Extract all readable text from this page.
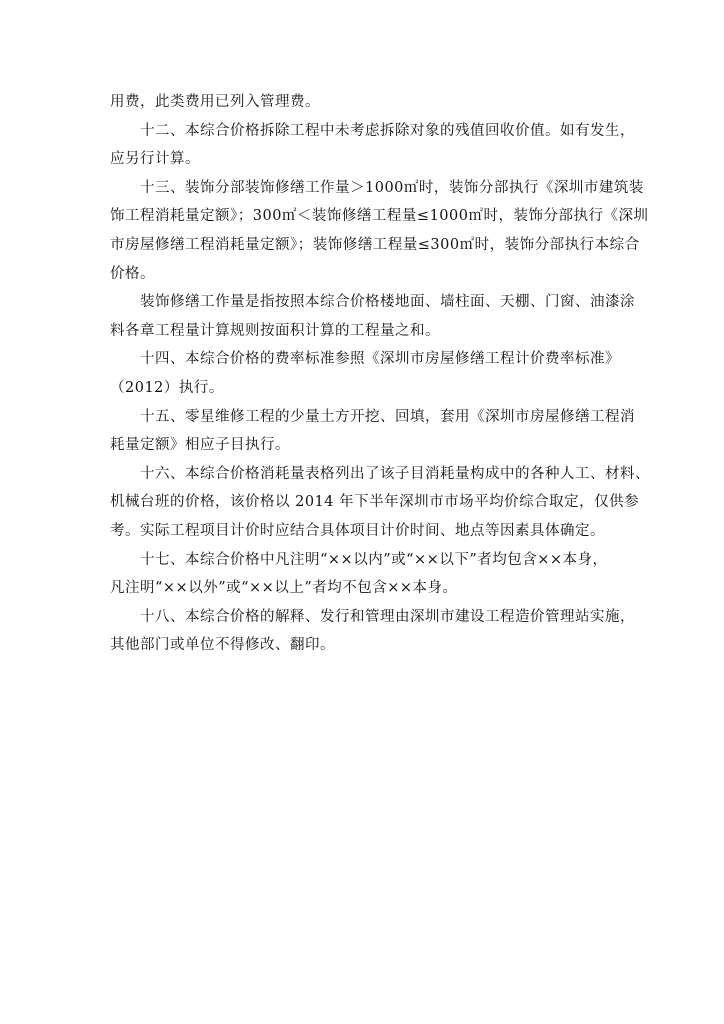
用费，此类费用已列入管理费。

十二、本综合价格拆除工程中未考虑拆除对象的残值回收价值。如有发生，
应另行计算。

十三、装饰分部装饰修缮工作量＞1000㎡时，装饰分部执行《深圳市建筑装
饰工程消耗量定额》；300㎡＜装饰修缮工程量≤1000㎡时，装饰分部执行《深圳
市房屋修缮工程消耗量定额》；装饰修缮工程量≤300㎡时，装饰分部执行本综合
价格。

装饰修缮工作量是指按照本综合价格楼地面、墙柱面、天棚、门窗、油漆涂
料各章工程量计算规则按面积计算的工程量之和。

十四、本综合价格的费率标准参照《深圳市房屋修缮工程计价费率标准》
（2012）执行。

十五、零星维修工程的少量土方开挖、回填，套用《深圳市房屋修缮工程消
耗量定额》相应子目执行。

十六、本综合价格消耗量表格列出了该子目消耗量构成中的各种人工、材料、
机械台班的价格，该价格以 2014 年下半年深圳市市场平均价综合取定，仅供参
考。实际工程项目计价时应结合具体项目计价时间、地点等因素具体确定。

十七、本综合价格中凡注明“××以内”或“××以下”者均包含××本身，
凡注明“××以外”或“××以上”者均不包含××本身。

十八、本综合价格的解释、发行和管理由深圳市建设工程造价管理站实施，
其他部门或单位不得修改、翻印。
